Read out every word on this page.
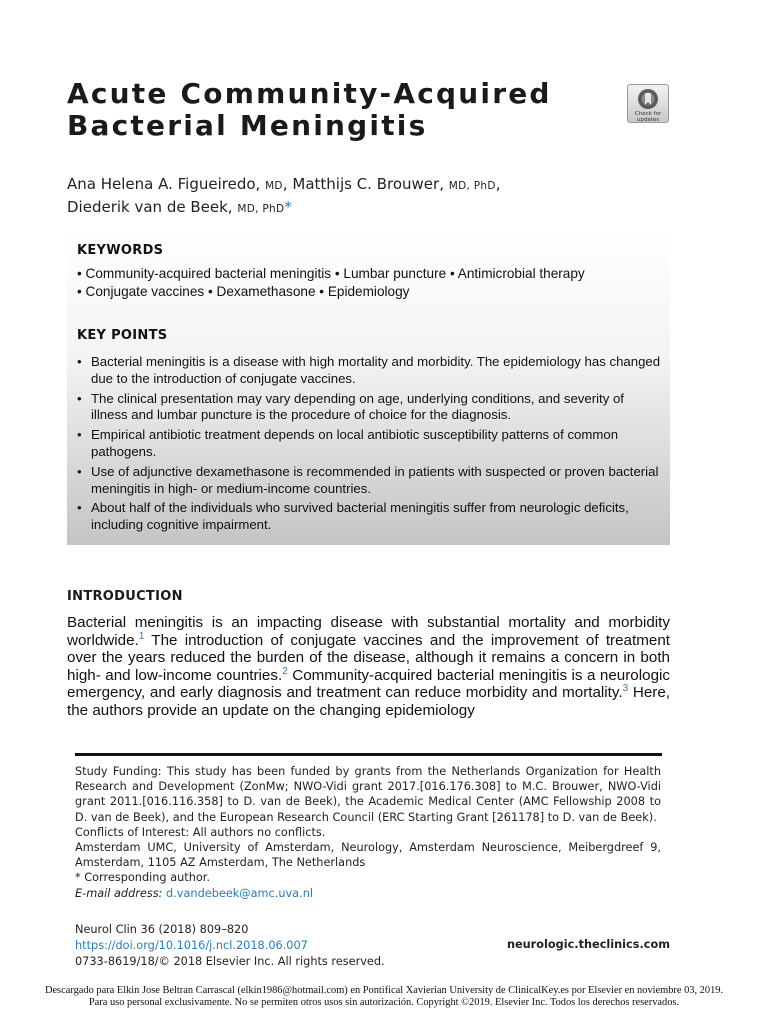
Acute Community-Acquired
Bacterial Meningitis	Check for
updates
Ana Helena A. Figueiredo, MD, Matthijs C. Brouwer, MD, PhD,
Diederik van de Beek, MD, PhD*
KEYWORDS
• Community-acquired bacterial meningitis • Lumbar puncture • Antimicrobial therapy
• Conjugate vaccines • Dexamethasone • Epidemiology
KEY POINTS
• Bacterial meningitis is a disease with high mortality and morbidity. The epidemiology has changed due to the introduction of conjugate vaccines.
• The clinical presentation may vary depending on age, underlying conditions, and severity of illness and lumbar puncture is the procedure of choice for the diagnosis.
• Empirical antibiotic treatment depends on local antibiotic susceptibility patterns of common pathogens.
• Use of adjunctive dexamethasone is recommended in patients with suspected or proven bacterial meningitis in high- or medium-income countries.
• About half of the individuals who survived bacterial meningitis suffer from neurologic deficits, including cognitive impairment.
INTRODUCTION

Bacterial meningitis is an impacting disease with substantial mortality and morbidity worldwide.$^1$ The introduction of conjugate vaccines and the improvement of treatment over the years reduced the burden of the disease, although it remains a concern in both high- and low-income countries.$^2$ Community-acquired bacterial meningitis is a neurologic emergency, and early diagnosis and treatment can reduce morbidity and mortality.$^3$ Here, the authors provide an update on the changing epidemiology

Study Funding: This study has been funded by grants from the Netherlands Organization for Health Research and Development (ZonMw; NWO-Vidi grant 2017.[016.176.308] to M.C. Brouwer, NWO-Vidi grant 2011.[016.116.358] to D. van de Beek), the Academic Medical Center (AMC Fellowship 2008 to D. van de Beek), and the European Research Council (ERC Starting Grant [261178] to D. van de Beek).

Conflicts of Interest: All authors no conflicts.

Amsterdam UMC, University of Amsterdam, Neurology, Amsterdam Neuroscience, Meibergdreef 9, Amsterdam, 1105 AZ Amsterdam, The Netherlands

* Corresponding author.

E-mail address: d.vandebeek@amc.uva.nl

Neurol Clin 36 (2018) 809–820

https://doi.org/10.1016/j.ncl.2018.06.007

0733-8619/18/© 2018 Elsevier Inc. All rights reserved.

neurologic.theclinics.com

Descargado para Elkin Jose Beltran Carrascal (elkin1986@hotmail.com) en Pontifical Xavierian University de ClinicalKey.es por Elsevier en noviembre 03, 2019. Para uso personal exclusivamente. No se permiten otros usos sin autorización. Copyright ©2019. Elsevier Inc. Todos los derechos reservados.
